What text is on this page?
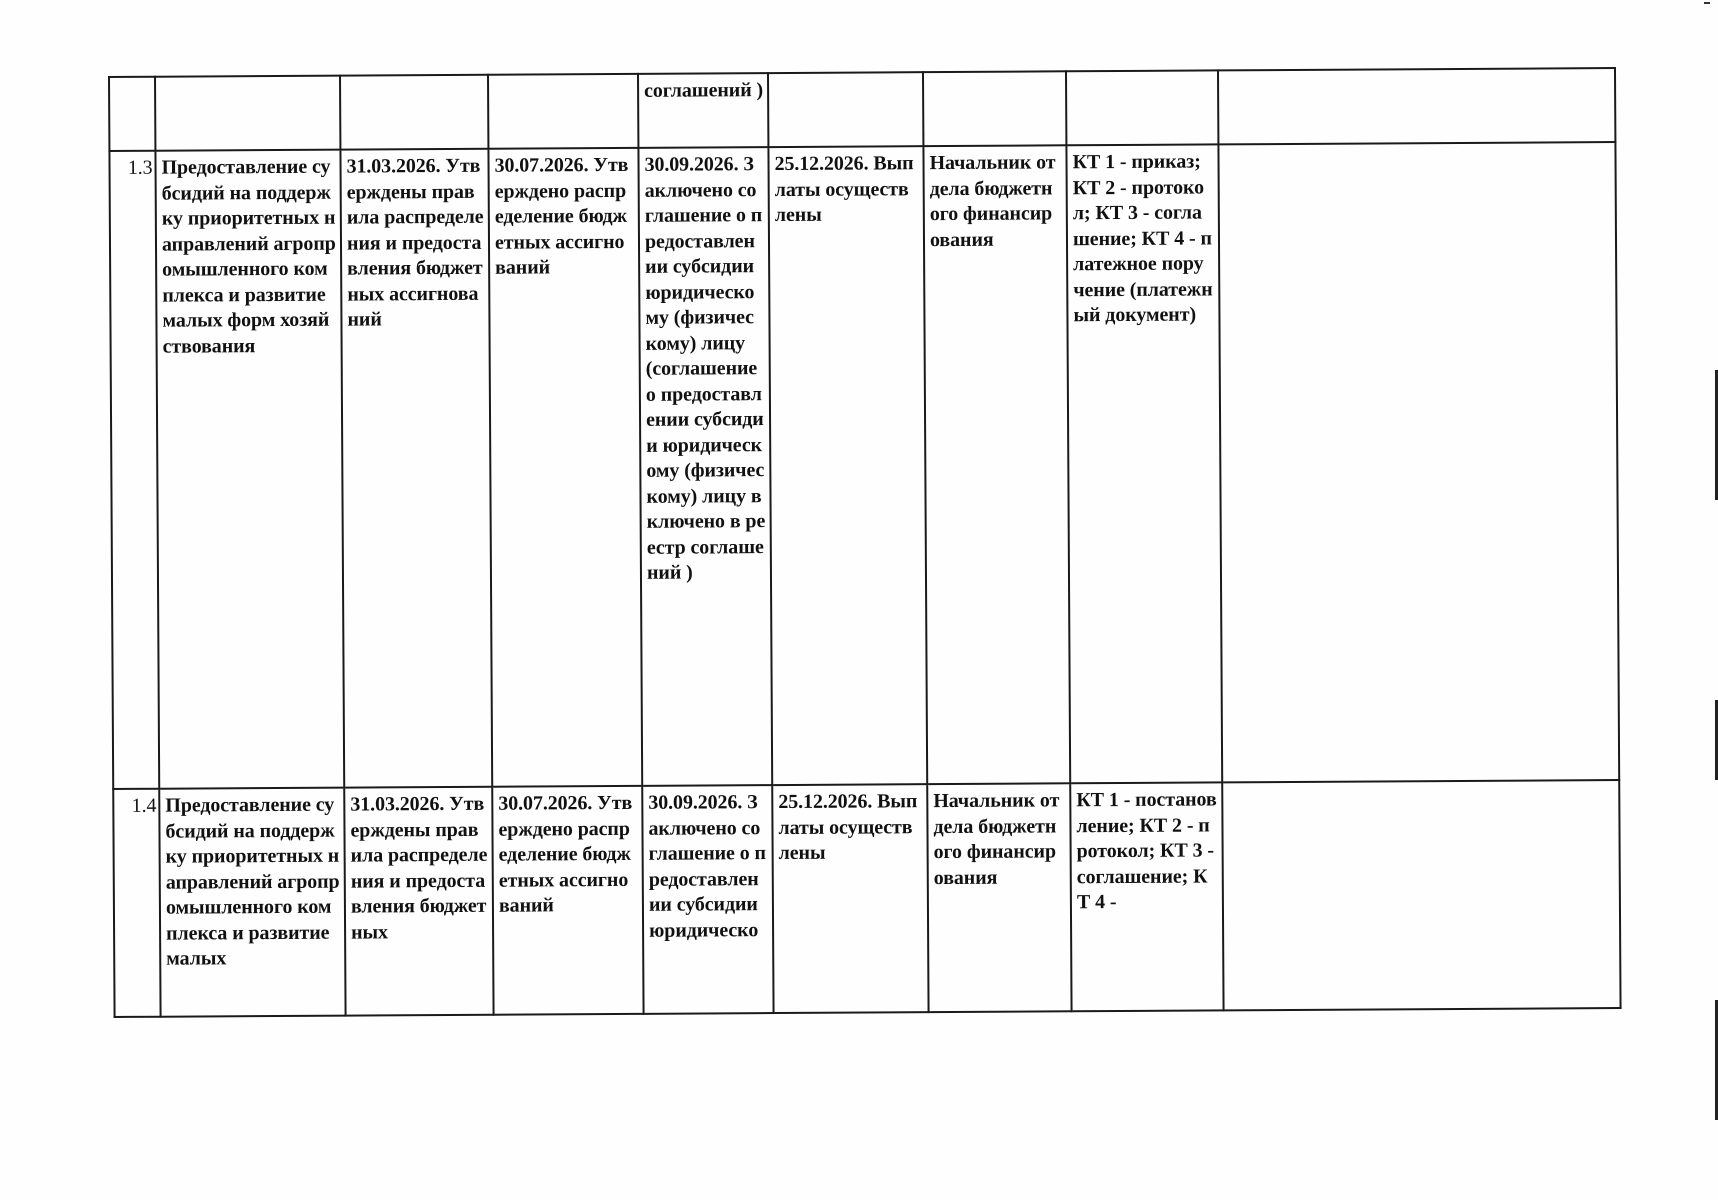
				соглашений )				
1.3	Предоставление субсидий на поддержку приоритетных направлений агропромышленного комплекса и развитие малых форм хозяйствования	31.03.2026. Утверждены правила распределения и предоставления бюджетных ассигнований	30.07.2026. Утверждено распределение бюджетных ассигнований	30.09.2026. Заключено соглашение о предоставлении субсидии юридическому (физическому) лицу (соглашение о предоставлении субсидии юридическому (физическому) лицу включено в реестр соглашений )	25.12.2026. Выплаты осуществлены	Начальник отдела бюджетного финансирования	КТ 1 - приказ; КТ 2 - протокол; КТ 3 - соглашение; КТ 4 - платежное поручение (платежный документ)	
1.4	Предоставление субсидий на поддержку приоритетных направлений агропромышленного комплекса и развитие малых	31.03.2026. Утверждены правила распределения и предоставления бюджетных	30.07.2026. Утверждено распределение бюджетных ассигнований	30.09.2026. Заключено соглашение о предоставлении субсидии юридическо	25.12.2026. Выплаты осуществлены	Начальник отдела бюджетного финансирования	КТ 1 - постановление; КТ 2 - протокол; КТ 3 - соглашение; КТ 4 -	
